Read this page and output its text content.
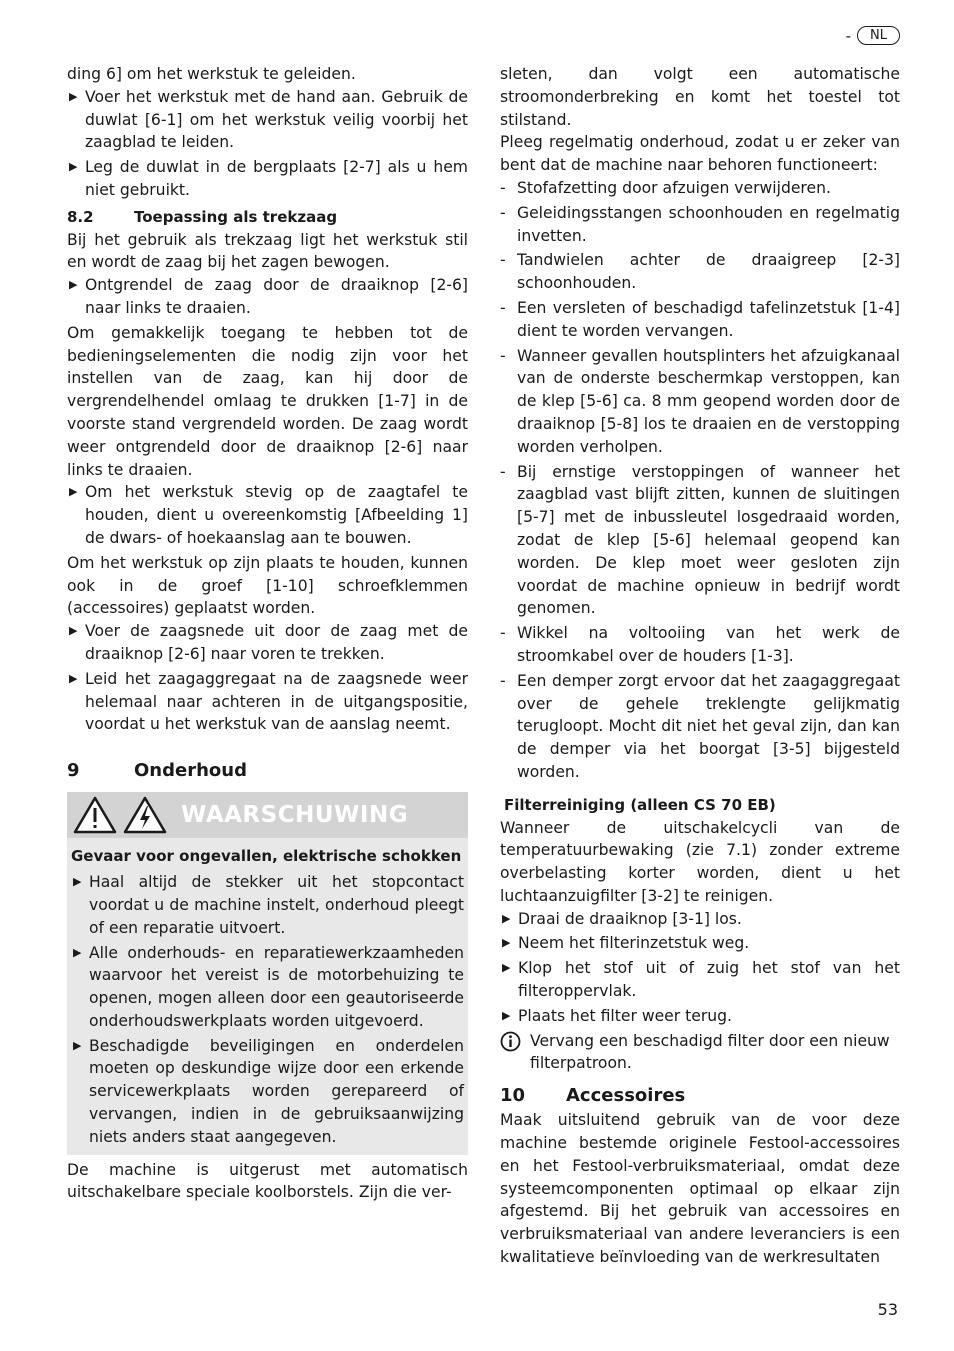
-	NL

ding 6] om het werkstuk te geleiden.

▶ Voer het werkstuk met de hand aan. Gebruik de duwlat [6-1] om het werkstuk veilig voorbij het zaagblad te leiden.
▶ Leg de duwlat in de bergplaats [2-7] als u hem niet gebruikt.
8.2	Toepassing als trekzaag

Bij het gebruik als trekzaag ligt het werkstuk stil en wordt de zaag bij het zagen bewogen.

▶ Ontgrendel de zaag door de draaiknop [2-6] naar links te draaien.

Om gemakkelijk toegang te hebben tot de bedieningselementen die nodig zijn voor het instellen van de zaag, kan hij door de vergrendelhendel omlaag te drukken [1-7] in de voorste stand vergrendeld worden. De zaag wordt weer ontgrendeld door de draaiknop [2-6] naar links te draaien.

▶ Om het werkstuk stevig op de zaagtafel te houden, dient u overeenkomstig [Afbeelding 1] de dwars- of hoekaanslag aan te bouwen.

Om het werkstuk op zijn plaats te houden, kunnen ook in de groef [1-10] schroefklemmen (accessoires) geplaatst worden.

▶ Voer de zaagsnede uit door de zaag met de draaiknop [2-6] naar voren te trekken.
▶ Leid het zaagaggregaat na de zaagsnede weer helemaal naar achteren in de uitgangspositie, voordat u het werkstuk van de aanslag neemt.
9	Onderhoud
WAARSCHUWING
Gevaar voor ongevallen, elektrische schokken
▶ Haal altijd de stekker uit het stopcontact voordat u de machine instelt, onderhoud pleegt of een reparatie uitvoert.
▶ Alle onderhouds- en reparatiewerkzaamheden waarvoor het vereist is de motorbehuizing te openen, mogen alleen door een geautoriseerde onderhoudswerkplaats worden uitgevoerd.
▶ Beschadigde beveiligingen en onderdelen moeten op deskundige wijze door een erkende servicewerkplaats worden gerepareerd of vervangen, indien in de gebruiksaanwijzing niets anders staat aangegeven.

De machine is uitgerust met automatisch uitschakelbare speciale koolborstels. Zijn die ver-

sleten, dan volgt een automatische stroomonderbreking en komt het toestel tot stilstand.

Pleeg regelmatig onderhoud, zodat u er zeker van bent dat de machine naar behoren functioneert:

- Stofafzetting door afzuigen verwijderen.
- Geleidingsstangen schoonhouden en regelmatig invetten.
- Tandwielen achter de draaigreep [2-3] schoonhouden.
- Een versleten of beschadigd tafelinzetstuk [1-4] dient te worden vervangen.
- Wanneer gevallen houtsplinters het afzuigkanaal van de onderste beschermkap verstoppen, kan de klep [5-6] ca. 8 mm geopend worden door de draaiknop [5-8] los te draaien en de verstopping worden verholpen.
- Bij ernstige verstoppingen of wanneer het zaagblad vast blijft zitten, kunnen de sluitingen [5-7] met de inbussleutel losgedraaid worden, zodat de klep [5-6] helemaal geopend kan worden. De klep moet weer gesloten zijn voordat de machine opnieuw in bedrijf wordt genomen.
- Wikkel na voltooiing van het werk de stroomkabel over de houders [1-3].
- Een demper zorgt ervoor dat het zaagaggregaat over de gehele treklengte gelijkmatig terugloopt. Mocht dit niet het geval zijn, dan kan de demper via het boorgat [3-5] bijgesteld worden.
Filterreiniging (alleen CS 70 EB)

Wanneer de uitschakelcycli van de temperatuurbewaking (zie 7.1) zonder extreme overbelasting korter worden, dient u het luchtaanzuigfilter [3-2] te reinigen.

▶ Draai de draaiknop [3-1] los.
▶ Neem het filterinzetstuk weg.
▶ Klop het stof uit of zuig het stof van het filteroppervlak.
▶ Plaats het filter weer terug.
Vervang een beschadigd filter door een nieuw filterpatroon.
10	Accessoires

Maak uitsluitend gebruik van de voor deze machine bestemde originele Festool-accessoires en het Festool-verbruiksmateriaal, omdat deze systeemcomponenten optimaal op elkaar zijn afgestemd. Bij het gebruik van accessoires en verbruiksmateriaal van andere leveranciers is een kwalitatieve beïnvloeding van de werkresultaten

53
